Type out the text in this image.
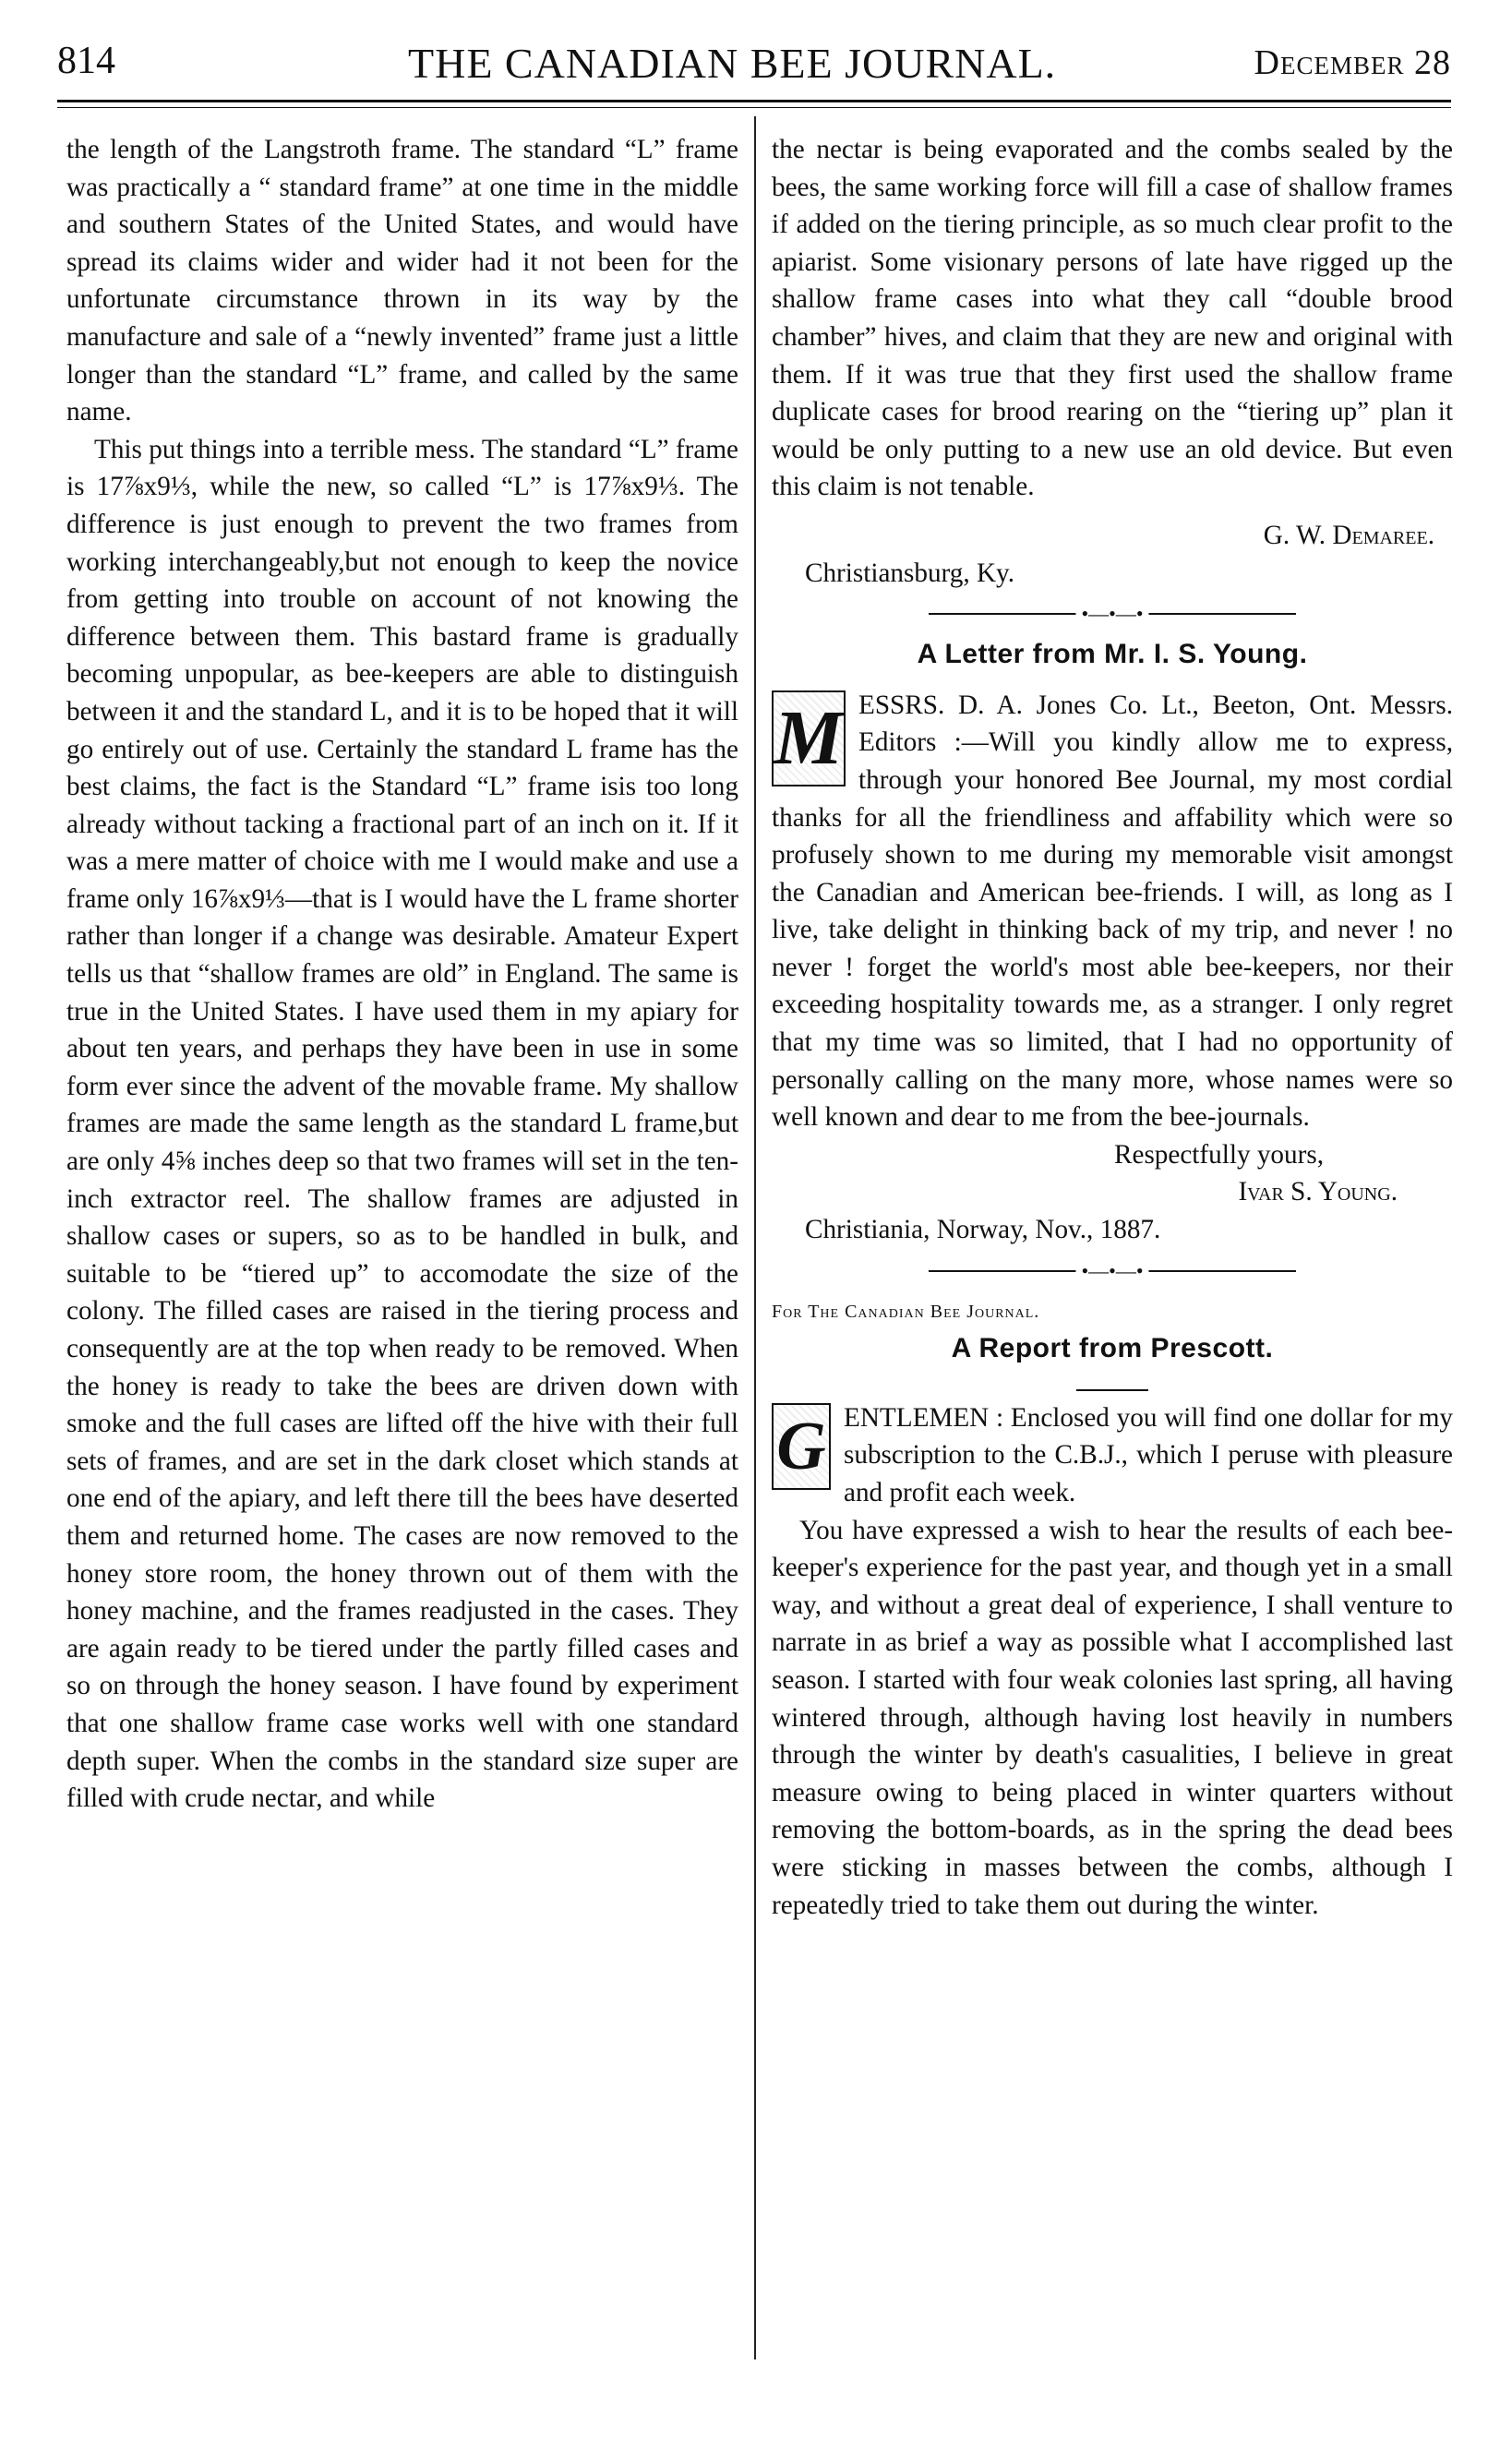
814	THE CANADIAN BEE JOURNAL.	December 28

the length of the Langstroth frame. The standard “L” frame was practically a “ standard frame” at one time in the middle and southern States of the United States, and would have spread its claims wider and wider had it not been for the unfortunate circumstance thrown in its way by the manufacture and sale of a “newly invented” frame just a little longer than the standard “L” frame, and called by the same name.

This put things into a terrible mess. The standard “L” frame is 17⅞x9⅓, while the new, so called “L” is 17⅞x9⅓. The difference is just enough to prevent the two frames from working interchangeably,but not enough to keep the novice from getting into trouble on account of not knowing the difference between them. This bastard frame is gradually becoming unpopular, as bee-keepers are able to distinguish between it and the standard L, and it is to be hoped that it will go entirely out of use. Certainly the standard L frame has the best claims, the fact is the Standard “L” frame isis too long already without tacking a fractional part of an inch on it. If it was a mere matter of choice with me I would make and use a frame only 16⅞x9⅓—that is I would have the L frame shorter rather than longer if a change was desirable. Amateur Expert tells us that “shallow frames are old” in England. The same is true in the United States. I have used them in my apiary for about ten years, and perhaps they have been in use in some form ever since the advent of the movable frame. My shallow frames are made the same length as the standard L frame,but are only 4⅝ inches deep so that two frames will set in the ten-inch extractor reel. The shallow frames are adjusted in shallow cases or supers, so as to be handled in bulk, and suitable to be “tiered up” to accomodate the size of the colony. The filled cases are raised in the tiering process and consequently are at the top when ready to be removed. When the honey is ready to take the bees are driven down with smoke and the full cases are lifted off the hive with their full sets of frames, and are set in the dark closet which stands at one end of the apiary, and left there till the bees have deserted them and returned home. The cases are now removed to the honey store room, the honey thrown out of them with the honey machine, and the frames readjusted in the cases. They are again ready to be tiered under the partly filled cases and so on through the honey season. I have found by experiment that one shallow frame case works well with one standard depth super. When the combs in the standard size super are filled with crude nectar, and while

the nectar is being evaporated and the combs sealed by the bees, the same working force will fill a case of shallow frames if added on the tiering principle, as so much clear profit to the apiarist. Some visionary persons of late have rigged up the shallow frame cases into what they call “double brood chamber” hives, and claim that they are new and original with them. If it was true that they first used the shallow frame duplicate cases for brood rearing on the “tiering up” plan it would be only putting to a new use an old device. But even this claim is not tenable.

G. W. Demaree.

Christiansburg, Ky.

•—•—•
A Letter from Mr. I. S. Young.

M ESSRS. D. A. Jones Co. Lt., Beeton, Ont. Messrs. Editors :—Will you kindly allow me to express, through your honored Bee Journal, my most cordial thanks for all the friendliness and affability which were so profusely shown to me during my memorable visit amongst the Canadian and American bee-friends. I will, as long as I live, take delight in thinking back of my trip, and never ! no never ! forget the world's most able bee-keepers, nor their exceeding hospitality towards me, as a stranger. I only regret that my time was so limited, that I had no opportunity of personally calling on the many more, whose names were so well known and dear to me from the bee-journals.

Respectfully yours,

Ivar S. Young.

Christiania, Norway, Nov., 1887.

•—•—•

For The Canadian Bee Journal.

A Report from Prescott.

G ENTLEMEN : Enclosed you will find one dollar for my subscription to the C.B.J., which I peruse with pleasure and profit each week.

You have expressed a wish to hear the results of each bee-keeper's experience for the past year, and though yet in a small way, and without a great deal of experience, I shall venture to narrate in as brief a way as possible what I accomplished last season. I started with four weak colonies last spring, all having wintered through, although having lost heavily in numbers through the winter by death's casualities, I believe in great measure owing to being placed in winter quarters without removing the bottom-boards, as in the spring the dead bees were sticking in masses between the combs, although I repeatedly tried to take them out during the winter.
